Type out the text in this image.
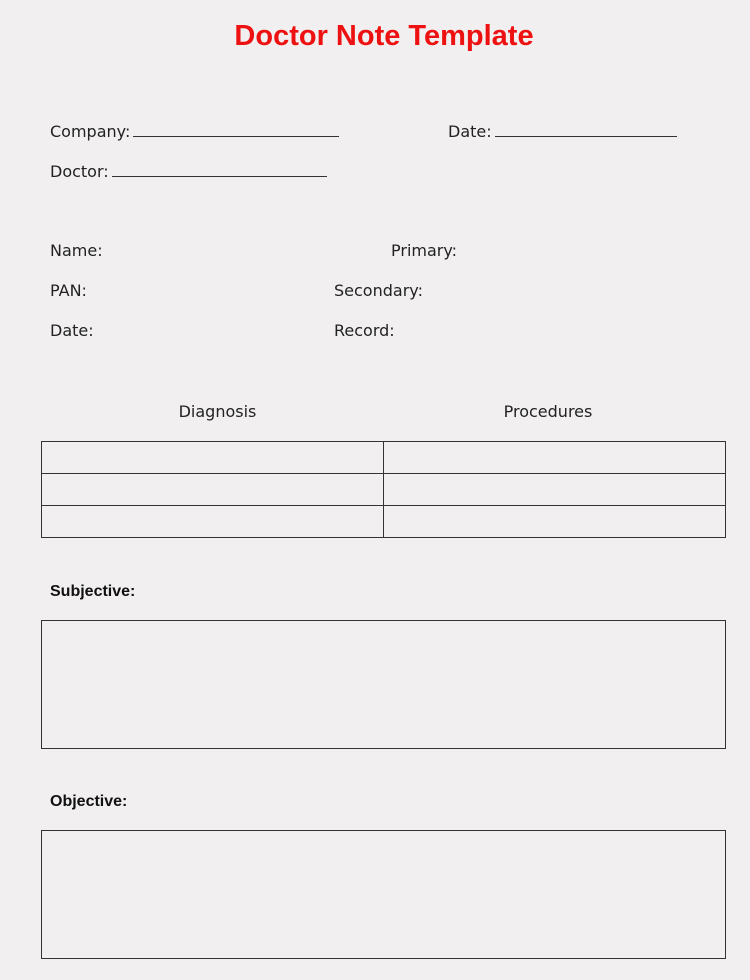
Doctor Note Template
Company:	Date:
Doctor:
Name:	Primary:
PAN:	Secondary:
Date:	Record:
Diagnosis	Procedures

Subjective:
Objective:
